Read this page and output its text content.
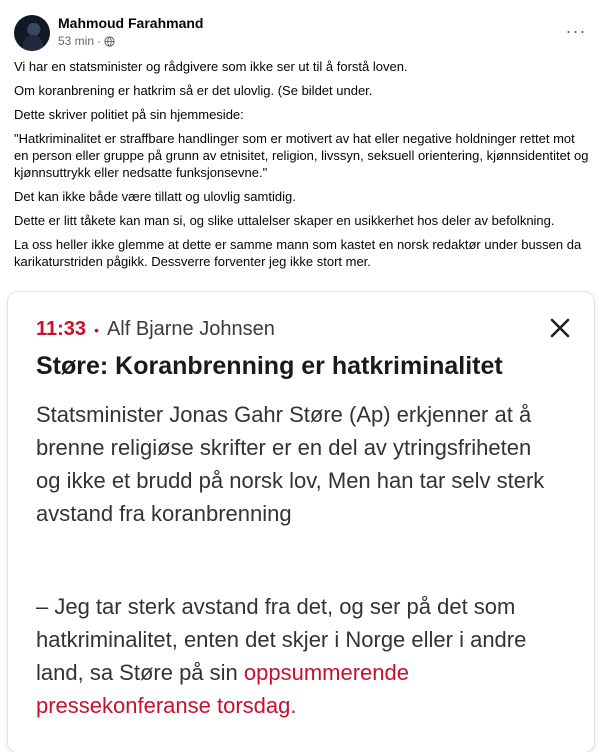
Mahmoud Farahmand
53 min ·	···

Vi har en statsminister og rådgivere som ikke ser ut til å forstå loven.

Om koranbrening er hatkrim så er det ulovlig. (Se bildet under.

Dette skriver politiet på sin hjemmeside:

"Hatkriminalitet er straffbare handlinger som er motivert av hat eller negative holdninger rettet mot en person eller gruppe på grunn av etnisitet, religion, livssyn, seksuell orientering, kjønnsidentitet og kjønnsuttrykk eller nedsatte funksjonsevne."

Det kan ikke både være tillatt og ulovlig samtidig.

Dette er litt tåkete kan man si, og slike uttalelser skaper en usikkerhet hos deler av befolkning.

La oss heller ikke glemme at dette er samme mann som kastet en norsk redaktør under bussen da karikaturstriden pågikk. Dessverre forventer jeg ikke stort mer.

11:33 • Alf Bjarne Johnsen
Støre: Koranbrenning er hatkriminalitet

Statsminister Jonas Gahr Støre (Ap) erkjenner at å brenne religiøse skrifter er en del av ytringsfriheten og ikke et brudd på norsk lov, Men han tar selv sterk avstand fra koranbrenning

– Jeg tar sterk avstand fra det, og ser på det som hatkriminalitet, enten det skjer i Norge eller i andre land, sa Støre på sin oppsummerende pressekonferanse torsdag.
